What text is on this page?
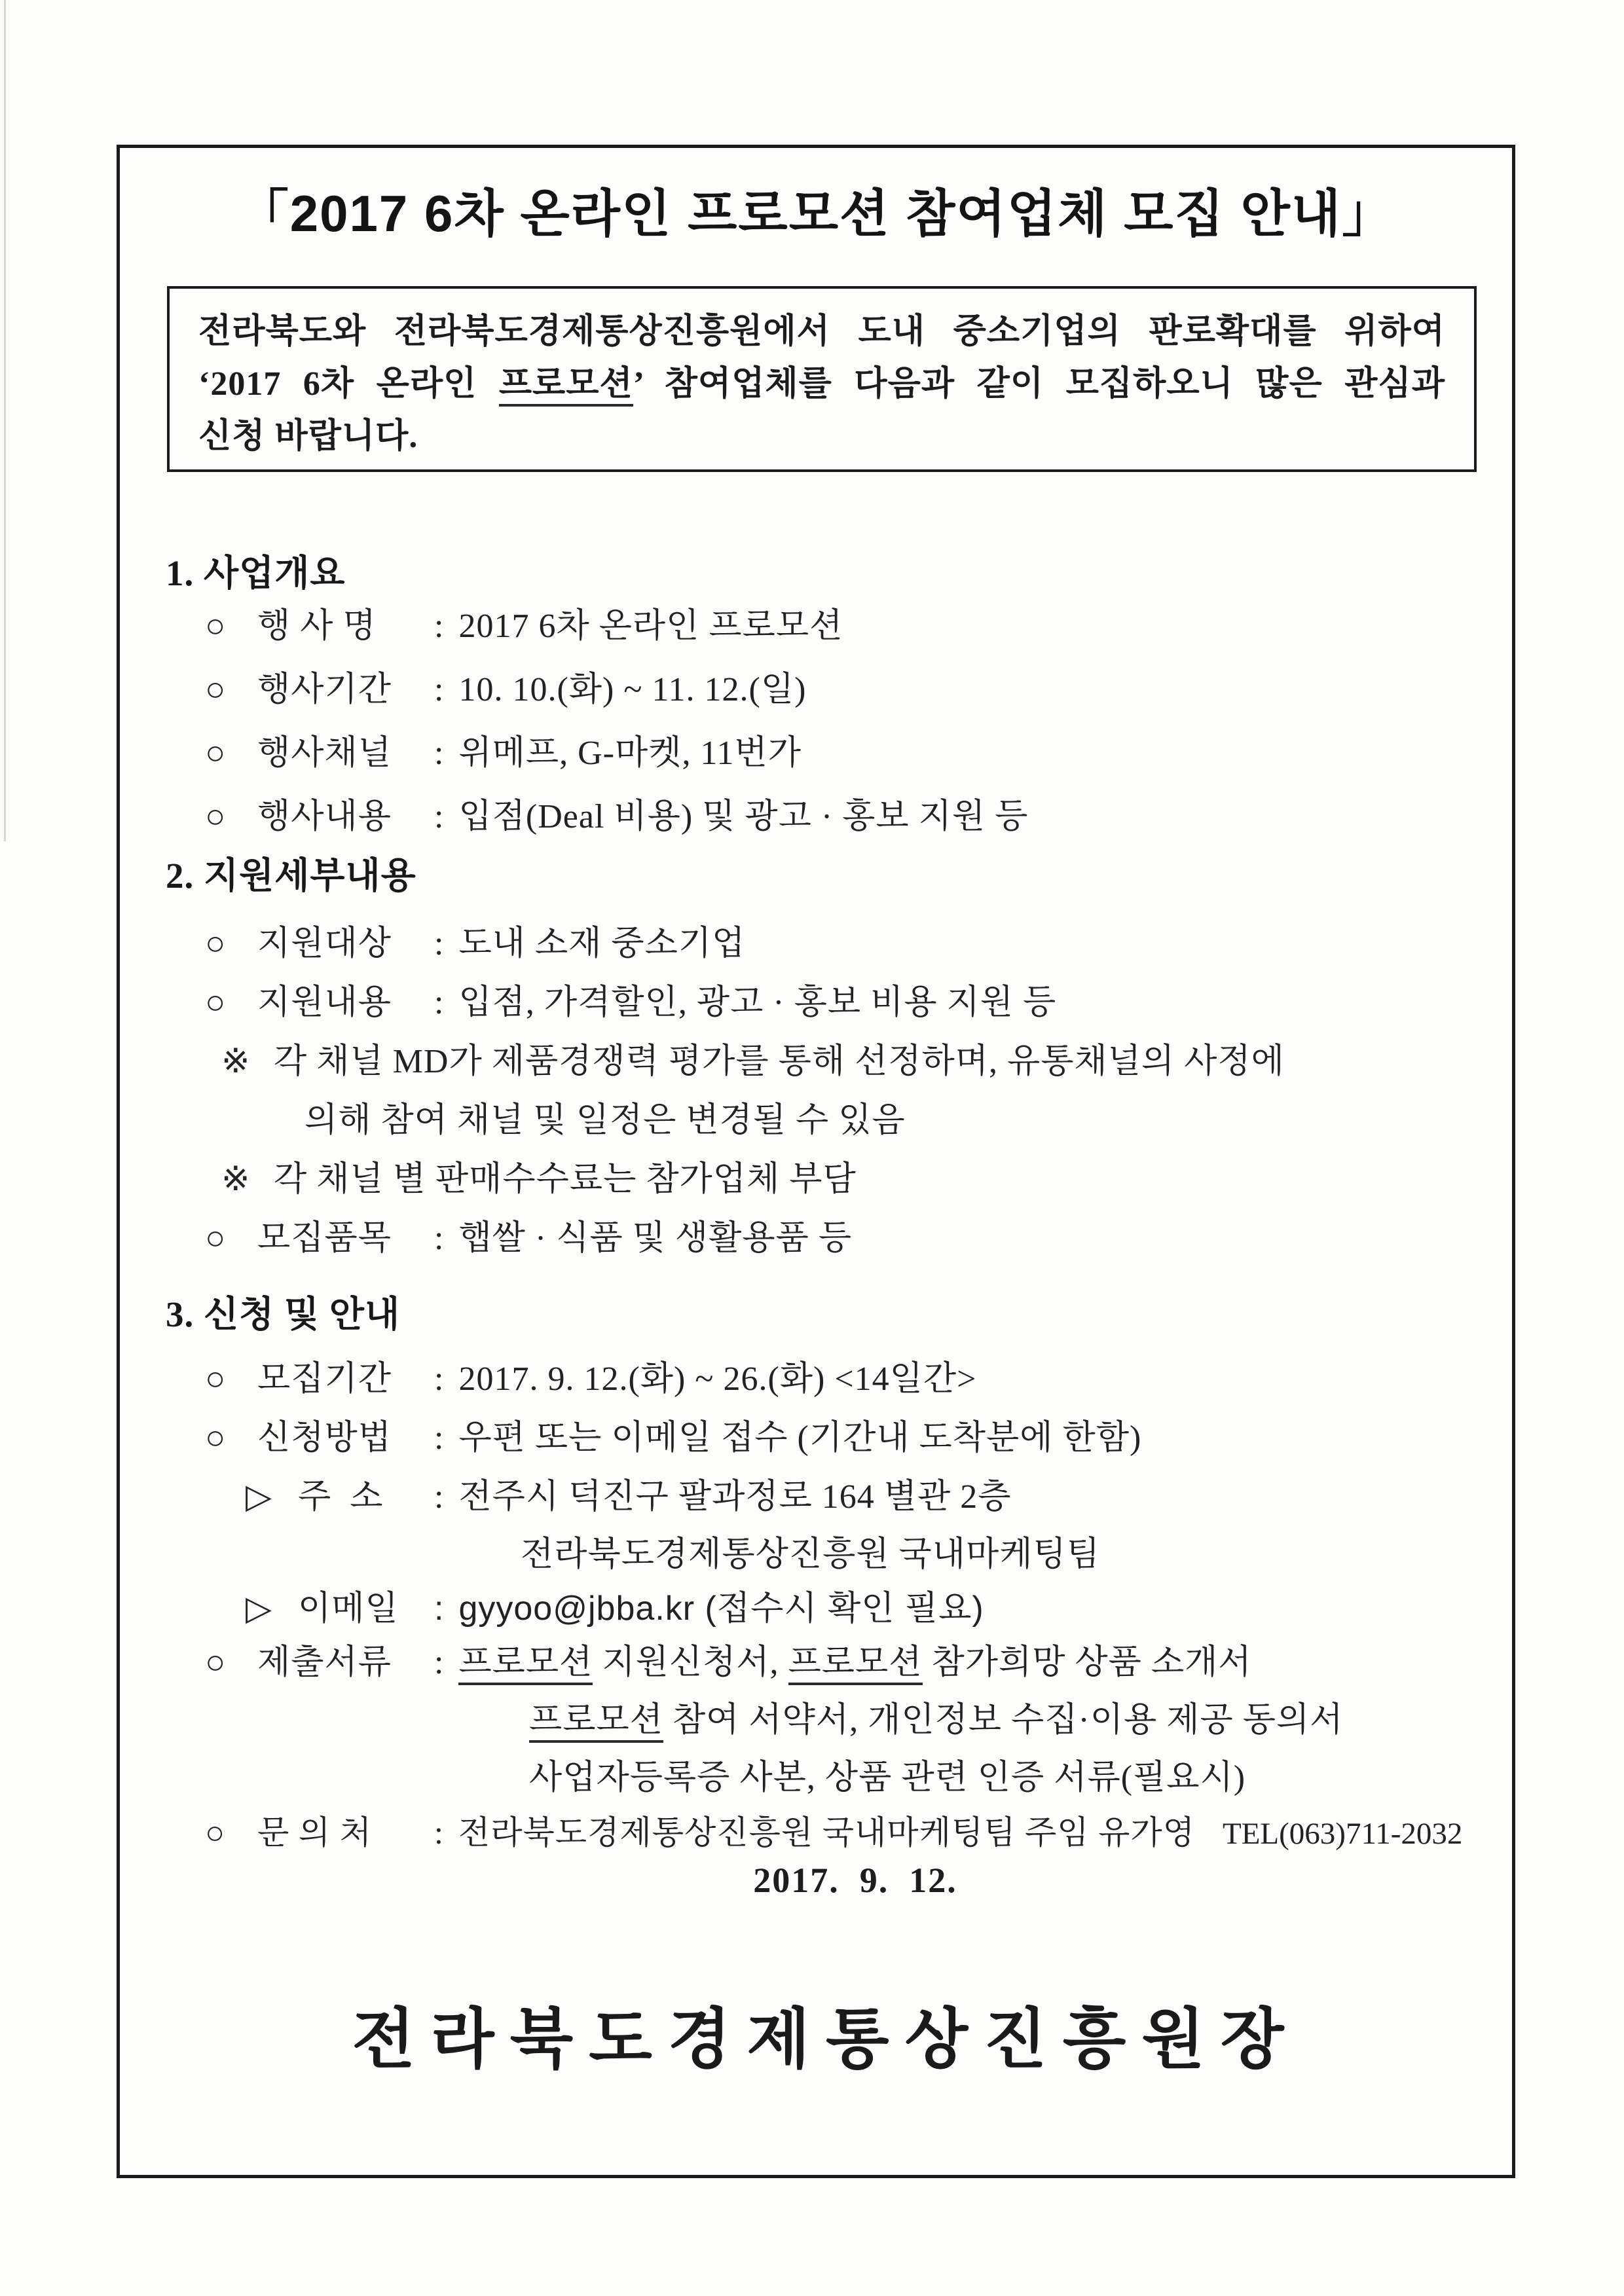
「2017 6차 온라인 프로모션 참여업체 모집 안내」
전라북도와 전라북도경제통상진흥원에서 도내 중소기업의 판로확대를 위하여
‘2017 6차 온라인 프로모션’ 참여업체를 다음과 같이 모집하오니 많은 관심과
신청 바랍니다.
1. 사업개요
○ 행 사 명 : 2017 6차 온라인 프로모션
○ 행사기간 : 10. 10.(화) ~ 11. 12.(일)
○ 행사채널 : 위메프, G-마켓, 11번가
○ 행사내용 : 입점(Deal 비용) 및 광고 · 홍보 지원 등
2. 지원세부내용
○ 지원대상 : 도내 소재 중소기업
○ 지원내용 : 입점, 가격할인, 광고 · 홍보 비용 지원 등
※ 각 채널 MD가 제품경쟁력 평가를 통해 선정하며, 유통채널의 사정에
의해 참여 채널 및 일정은 변경될 수 있음
※ 각 채널 별 판매수수료는 참가업체 부담
○ 모집품목 : 햅쌀 · 식품 및 생활용품 등
3. 신청 및 안내
○ 모집기간 : 2017. 9. 12.(화) ~ 26.(화) <14일간>
○ 신청방법 : 우편 또는 이메일 접수 (기간내 도착분에 한함)
▷ 주  소 : 전주시 덕진구 팔과정로 164 별관 2층
전라북도경제통상진흥원 국내마케팅팀
▷ 이메일 : gyyoo@jbba.kr (접수시 확인 필요)
○ 제출서류 : 프로모션 지원신청서, 프로모션 참가희망 상품 소개서
프로모션 참여 서약서, 개인정보 수집·이용 제공 동의서
사업자등록증 사본, 상품 관련 인증 서류(필요시)
○ 문 의 처 : 전라북도경제통상진흥원 국내마케팅팀 주임 유가영 TEL(063)711-2032
2017.  9.  12.
전라북도경제통상진흥원장
